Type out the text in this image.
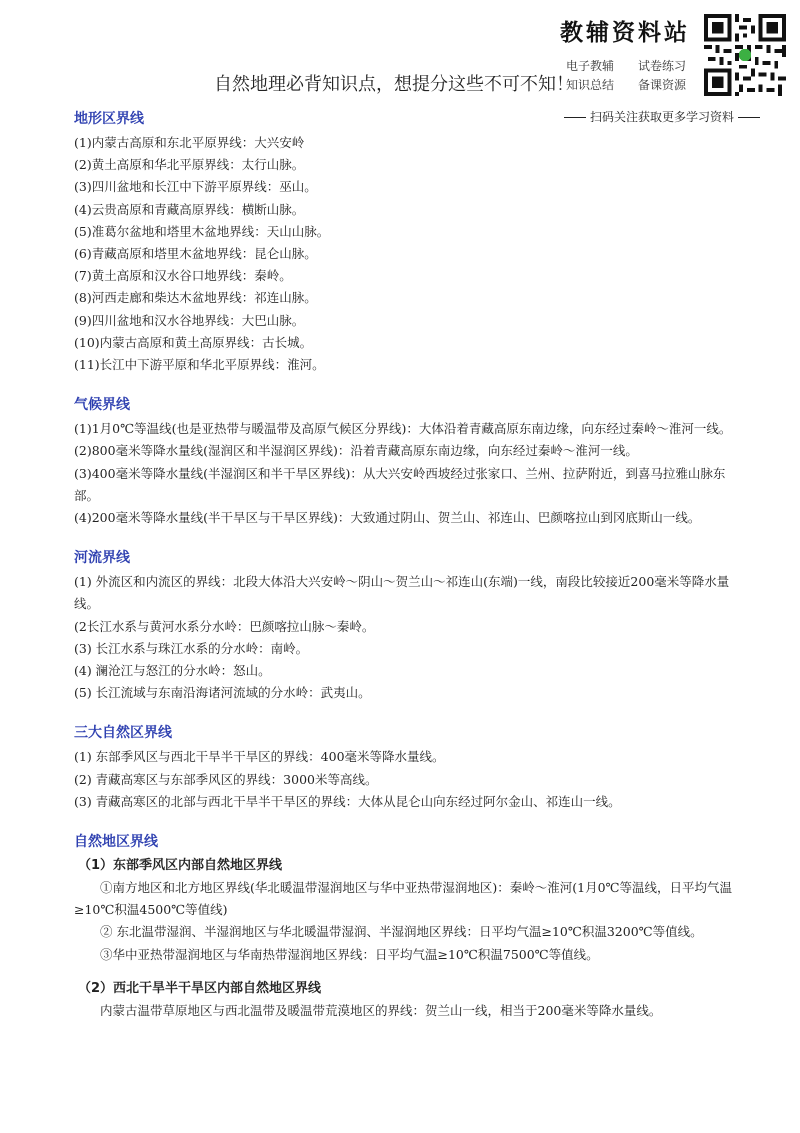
教辅资料站
电子教辅 试卷练习
知识总结 备课资源
扫码关注获取更多学习资料
自然地理必背知识点，想提分这些不可不知！
地形区界线
(1)内蒙古高原和东北平原界线：大兴安岭
(2)黄土高原和华北平原界线：太行山脉。
(3)四川盆地和长江中下游平原界线：巫山。
(4)云贵高原和青藏高原界线：横断山脉。
(5)准葛尔盆地和塔里木盆地界线：天山山脉。
(6)青藏高原和塔里木盆地界线：昆仑山脉。
(7)黄土高原和汉水谷口地界线：秦岭。
(8)河西走廊和柴达木盆地界线：祁连山脉。
(9)四川盆地和汉水谷地界线：大巴山脉。
(10)内蒙古高原和黄土高原界线：古长城。
(11)长江中下游平原和华北平原界线：淮河。
气候界线
(1)1月0℃等温线(也是亚热带与暖温带及高原气候区分界线)：大体沿着青藏高原东南边缘，向东经过秦岭～淮河一线。
(2)800毫米等降水量线(湿润区和半湿润区界线)：沿着青藏高原东南边缘，向东经过秦岭～淮河一线。
(3)400毫米等降水量线(半湿润区和半干旱区界线)：从大兴安岭西坡经过张家口、兰州、拉萨附近，到喜马拉雅山脉东部。
(4)200毫米等降水量线(半干旱区与干旱区界线)：大致通过阴山、贺兰山、祁连山、巴颜喀拉山到冈底斯山一线。
河流界线
(1) 外流区和内流区的界线：北段大体沿大兴安岭～阴山～贺兰山～祁连山(东端)一线，南段比较接近200毫米等降水量线。
(2长江水系与黄河水系分水岭：巴颜喀拉山脉～秦岭。
(3) 长江水系与珠江水系的分水岭：南岭。
(4) 澜沧江与怒江的分水岭：怒山。
(5) 长江流域与东南沿海诸河流域的分水岭：武夷山。
三大自然区界线
(1) 东部季风区与西北干旱半干旱区的界线：400毫米等降水量线。
(2) 青藏高寒区与东部季风区的界线：3000米等高线。
(3) 青藏高寒区的北部与西北干旱半干旱区的界线：大体从昆仑山向东经过阿尔金山、祁连山一线。
自然地区界线
（1）东部季风区内部自然地区界线
①南方地区和北方地区界线(华北暖温带湿润地区与华中亚热带湿润地区)：秦岭～淮河(1月0℃等温线，日平均气温≥10℃积温4500℃等值线)
② 东北温带湿润、半湿润地区与华北暖温带湿润、半湿润地区界线：日平均气温≥10℃积温3200℃等值线。
③华中亚热带湿润地区与华南热带湿润地区界线：日平均气温≥10℃积温7500℃等值线。
（2）西北干旱半干旱区内部自然地区界线
内蒙古温带草原地区与西北温带及暖温带荒漠地区的界线：贺兰山一线，相当于200毫米等降水量线。
